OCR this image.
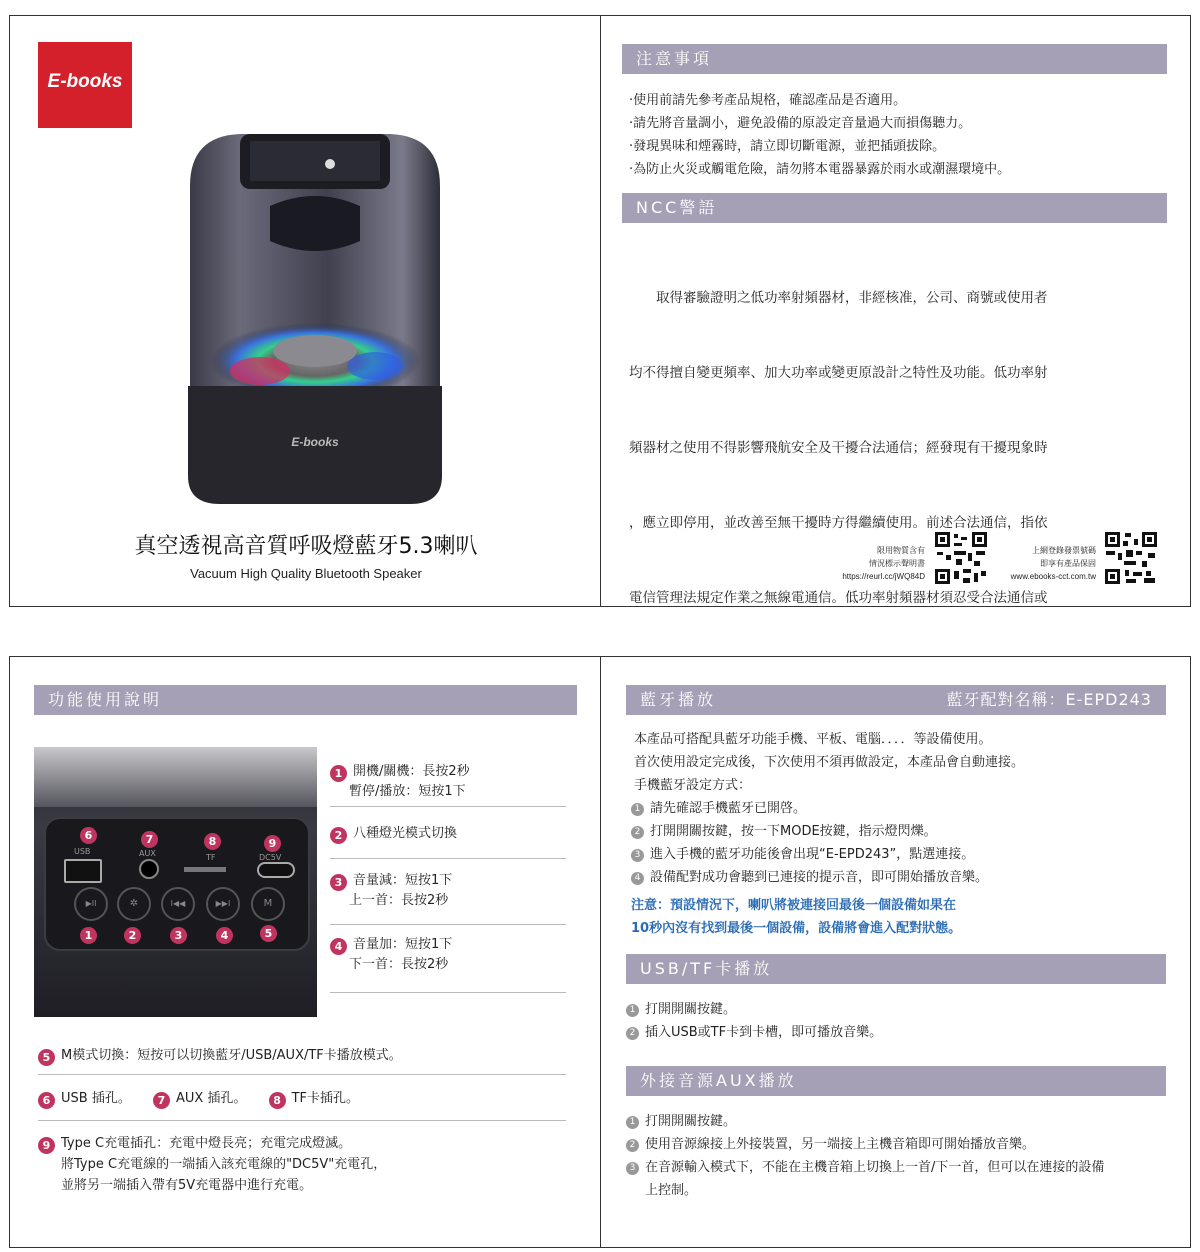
E-books
E-books
真空透視高音質呼吸燈藍牙5.3喇叭
Vacuum High Quality Bluetooth Speaker
注意事項
‧使用前請先參考產品規格，確認產品是否適用。
‧請先將音量調小，避免設備的原設定音量過大而損傷聽力。
‧發現異味和煙霧時，請立即切斷電源，並把插頭拔除。
‧為防止火災或觸電危險，請勿將本電器暴露於雨水或潮濕環境中。
NCC警語

　　取得審驗證明之低功率射頻器材，非經核准，公司、商號或使用者

均不得擅自變更頻率、加大功率或變更原設計之特性及功能。低功率射

頻器材之使用不得影響飛航安全及干擾合法通信；經發現有干擾現象時

，應立即停用，並改善至無干擾時方得繼續使用。前述合法通信，指依

電信管理法規定作業之無線電通信。低功率射頻器材須忍受合法通信或

限用物質含有
情況標示聲明書
https://reurl.cc/jWQ84D
上網登錄發票號碼
即享有產品保固
www.ebooks-cct.com.tw
功能使用說明
6	7	8	9
USB	AUX	TF	DC5V
▶II	✲	I◀◀	▶▶I	M
1	2	3	4	5
1 開機/關機：長按2秒
暫停/播放：短按1下
2 八種燈光模式切換
3 音量減：短按1下
上一首：長按2秒
4 音量加：短按1下
下一首：長按2秒
5 M模式切換：短按可以切換藍牙/USB/AUX/TF卡播放模式。
6 USB 插孔。 7 AUX 插孔。 8 TF卡插孔。
9 Type C充電插孔：充電中燈長亮；充電完成燈滅。
將Type C充電線的一端插入該充電線的"DC5V"充電孔，
並將另一端插入帶有5V充電器中進行充電。
藍牙播放	藍牙配對名稱：E-EPD243
本產品可搭配具藍牙功能手機、平板、電腦．．．．等設備使用。
首次使用設定完成後，下次使用不須再做設定，本產品會自動連接。
手機藍牙設定方式：
1 請先確認手機藍牙已開啓。
2 打開開關按鍵，按一下MODE按鍵，指示燈閃爍。
3 進入手機的藍牙功能後會出現“E-EPD243”，點選連接。
4 設備配對成功會聽到已連接的提示音，即可開始播放音樂。
注意：預設情況下，喇叭將被連接回最後一個設備如果在
10秒內沒有找到最後一個設備，設備將會進入配對狀態。
USB/TF卡播放
1 打開開關按鍵。
2 插入USB或TF卡到卡槽，即可播放音樂。
外接音源AUX播放
1 打開開關按鍵。
2 使用音源線接上外接裝置，另一端接上主機音箱即可開始播放音樂。
3 在音源輸入模式下，不能在主機音箱上切換上一首/下一首，但可以在連接的設備
上控制。
